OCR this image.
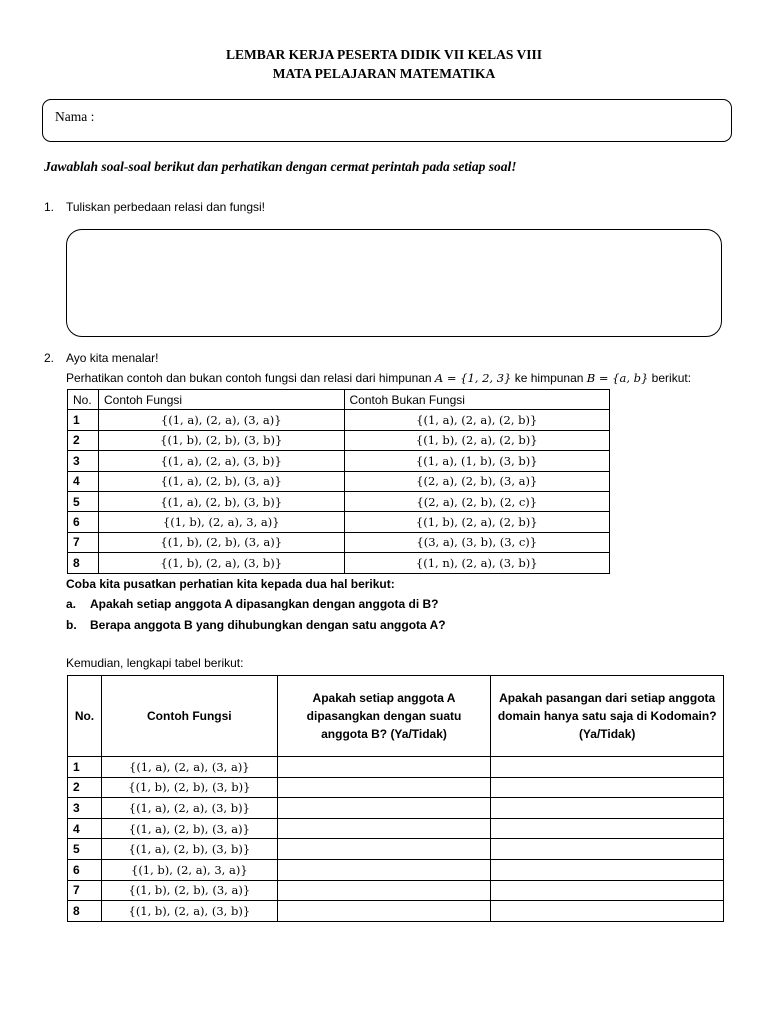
LEMBAR KERJA PESERTA DIDIK VII KELAS VIII
MATA PELAJARAN MATEMATIKA
Nama :
Jawablah soal-soal berikut dan perhatikan dengan cermat perintah pada setiap soal!
1. Tuliskan perbedaan relasi dan fungsi!
2. Ayo kita menalar!
Perhatikan contoh dan bukan contoh fungsi dan relasi dari himpunan A = {1, 2, 3} ke himpunan B = {a, b} berikut:
No.	Contoh Fungsi	Contoh Bukan Fungsi
1	{(1, a), (2, a), (3, a)}	{(1, a), (2, a), (2, b)}
2	{(1, b), (2, b), (3, b)}	{(1, b), (2, a), (2, b)}
3	{(1, a), (2, a), (3, b)}	{(1, a), (1, b), (3, b)}
4	{(1, a), (2, b), (3, a)}	{(2, a), (2, b), (3, a)}
5	{(1, a), (2, b), (3, b)}	{(2, a), (2, b), (2, c)}
6	{(1, b), (2, a), 3, a)}	{(1, b), (2, a), (2, b)}
7	{(1, b), (2, b), (3, a)}	{(3, a), (3, b), (3, c)}
8	{(1, b), (2, a), (3, b)}	{(1, n), (2, a), (3, b)}
Coba kita pusatkan perhatian kita kepada dua hal berikut:
a. Apakah setiap anggota A dipasangkan dengan anggota di B?
b. Berapa anggota B yang dihubungkan dengan satu anggota A?
Kemudian, lengkapi tabel berikut:
No.	Contoh Fungsi	Apakah setiap anggota A dipasangkan dengan suatu anggota B? (Ya/Tidak)	Apakah pasangan dari setiap anggota domain hanya satu saja di Kodomain? (Ya/Tidak)
1	{(1, a), (2, a), (3, a)}		
2	{(1, b), (2, b), (3, b)}		
3	{(1, a), (2, a), (3, b)}		
4	{(1, a), (2, b), (3, a)}		
5	{(1, a), (2, b), (3, b)}		
6	{(1, b), (2, a), 3, a)}		
7	{(1, b), (2, b), (3, a)}		
8	{(1, b), (2, a), (3, b)}		
